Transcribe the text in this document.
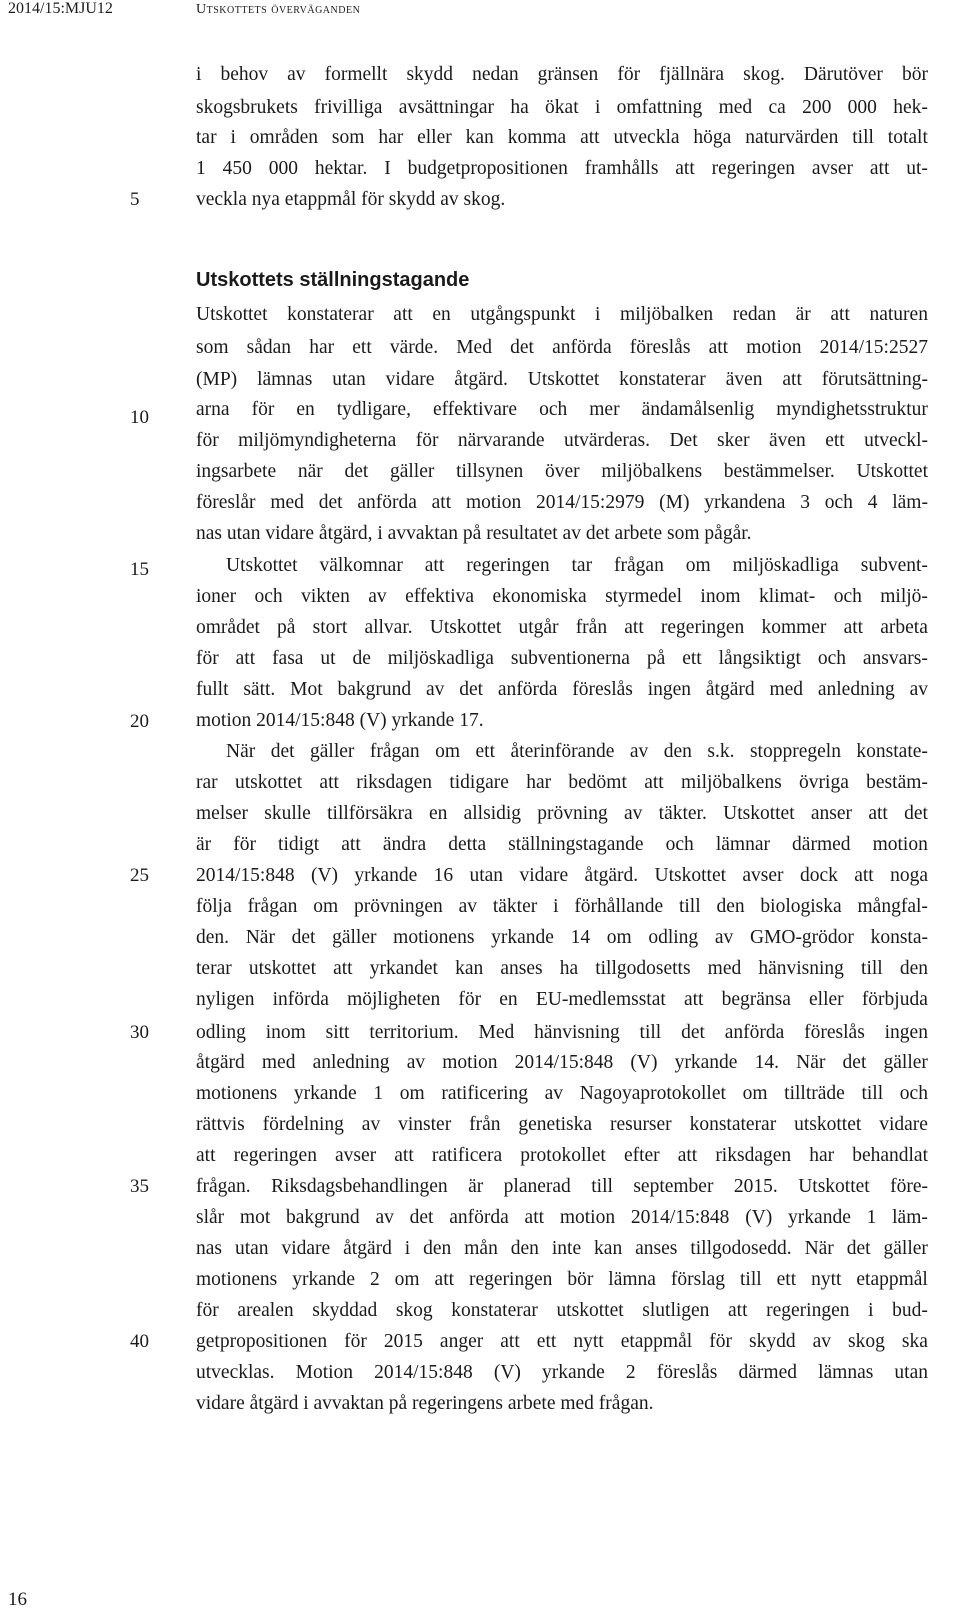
2014/15:MJU12	Utskottets överväganden
i behov av formellt skydd nedan gränsen för fjällnära skog. Därutöver bör
skogsbrukets frivilliga avsättningar ha ökat i omfattning med ca 200 000 hek-
tar i områden som har eller kan komma att utveckla höga naturvärden till totalt
1 450 000 hektar. I budgetpropositionen framhålls att regeringen avser att ut-
veckla nya etappmål för skydd av skog.
Utskottets ställningstagande
Utskottet konstaterar att en utgångspunkt i miljöbalken redan är att naturen
som sådan har ett värde. Med det anförda föreslås att motion 2014/15:2527
(MP) lämnas utan vidare åtgärd. Utskottet konstaterar även att förutsättning-
arna för en tydligare, effektivare och mer ändamålsenlig myndighetsstruktur
för miljömyndigheterna för närvarande utvärderas. Det sker även ett utveckl-
ingsarbete när det gäller tillsynen över miljöbalkens bestämmelser. Utskottet
föreslår med det anförda att motion 2014/15:2979 (M) yrkandena 3 och 4 läm-
nas utan vidare åtgärd, i avvaktan på resultatet av det arbete som pågår.
Utskottet välkomnar att regeringen tar frågan om miljöskadliga subvent-
ioner och vikten av effektiva ekonomiska styrmedel inom klimat- och miljö-
området på stort allvar. Utskottet utgår från att regeringen kommer att arbeta
för att fasa ut de miljöskadliga subventionerna på ett långsiktigt och ansvars-
fullt sätt. Mot bakgrund av det anförda föreslås ingen åtgärd med anledning av
motion 2014/15:848 (V) yrkande 17.
När det gäller frågan om ett återinförande av den s.k. stoppregeln konstate-
rar utskottet att riksdagen tidigare har bedömt att miljöbalkens övriga bestäm-
melser skulle tillförsäkra en allsidig prövning av täkter. Utskottet anser att det
är för tidigt att ändra detta ställningstagande och lämnar därmed motion
2014/15:848 (V) yrkande 16 utan vidare åtgärd. Utskottet avser dock att noga
följa frågan om prövningen av täkter i förhållande till den biologiska mångfal-
den. När det gäller motionens yrkande 14 om odling av GMO-grödor konsta-
terar utskottet att yrkandet kan anses ha tillgodosetts med hänvisning till den
nyligen införda möjligheten för en EU-medlemsstat att begränsa eller förbjuda
odling inom sitt territorium. Med hänvisning till det anförda föreslås ingen
åtgärd med anledning av motion 2014/15:848 (V) yrkande 14. När det gäller
motionens yrkande 1 om ratificering av Nagoyaprotokollet om tillträde till och
rättvis fördelning av vinster från genetiska resurser konstaterar utskottet vidare
att regeringen avser att ratificera protokollet efter att riksdagen har behandlat
frågan. Riksdagsbehandlingen är planerad till september 2015. Utskottet före-
slår mot bakgrund av det anförda att motion 2014/15:848 (V) yrkande 1 läm-
nas utan vidare åtgärd i den mån den inte kan anses tillgodosedd. När det gäller
motionens yrkande 2 om att regeringen bör lämna förslag till ett nytt etappmål
för arealen skyddad skog konstaterar utskottet slutligen att regeringen i bud-
getpropositionen för 2015 anger att ett nytt etappmål för skydd av skog ska
utvecklas. Motion 2014/15:848 (V) yrkande 2 föreslås därmed lämnas utan
vidare åtgärd i avvaktan på regeringens arbete med frågan.
5
10
15
20
25
30
35
40
16
